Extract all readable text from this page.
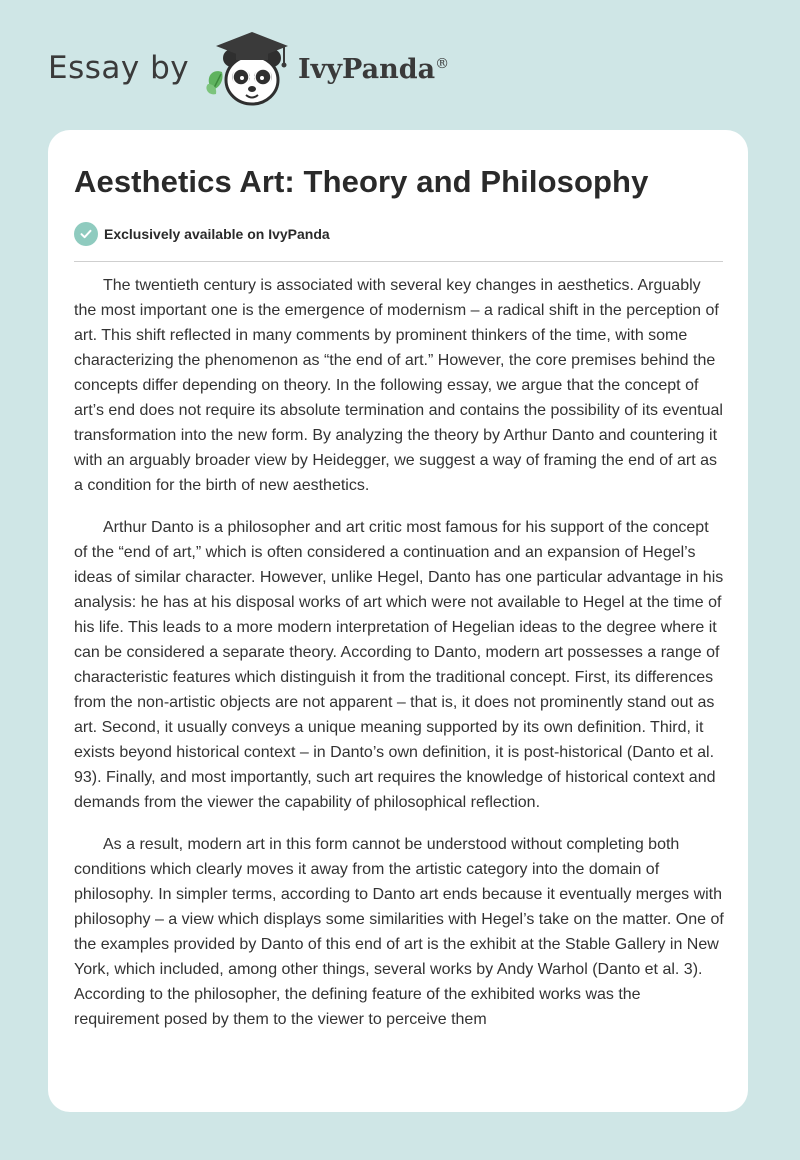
Essay by	IvyPanda®
Aesthetics Art: Theory and Philosophy
Exclusively available on IvyPanda

The twentieth century is associated with several key changes in aesthetics. Arguably the most important one is the emergence of modernism – a radical shift in the perception of art. This shift reflected in many comments by prominent thinkers of the time, with some characterizing the phenomenon as “the end of art.” However, the core premises behind the concepts differ depending on theory. In the following essay, we argue that the concept of art’s end does not require its absolute termination and contains the possibility of its eventual transformation into the new form. By analyzing the theory by Arthur Danto and countering it with an arguably broader view by Heidegger, we suggest a way of framing the end of art as a condition for the birth of new aesthetics.

Arthur Danto is a philosopher and art critic most famous for his support of the concept of the “end of art,” which is often considered a continuation and an expansion of Hegel’s ideas of similar character. However, unlike Hegel, Danto has one particular advantage in his analysis: he has at his disposal works of art which were not available to Hegel at the time of his life. This leads to a more modern interpretation of Hegelian ideas to the degree where it can be considered a separate theory. According to Danto, modern art possesses a range of characteristic features which distinguish it from the traditional concept. First, its differences from the non-artistic objects are not apparent – that is, it does not prominently stand out as art. Second, it usually conveys a unique meaning supported by its own definition. Third, it exists beyond historical context – in Danto’s own definition, it is post-historical (Danto et al. 93). Finally, and most importantly, such art requires the knowledge of historical context and demands from the viewer the capability of philosophical reflection.

As a result, modern art in this form cannot be understood without completing both conditions which clearly moves it away from the artistic category into the domain of philosophy. In simpler terms, according to Danto art ends because it eventually merges with philosophy – a view which displays some similarities with Hegel’s take on the matter. One of the examples provided by Danto of this end of art is the exhibit at the Stable Gallery in New York, which included, among other things, several works by Andy Warhol (Danto et al. 3). According to the philosopher, the defining feature of the exhibited works was the requirement posed by them to the viewer to perceive them
